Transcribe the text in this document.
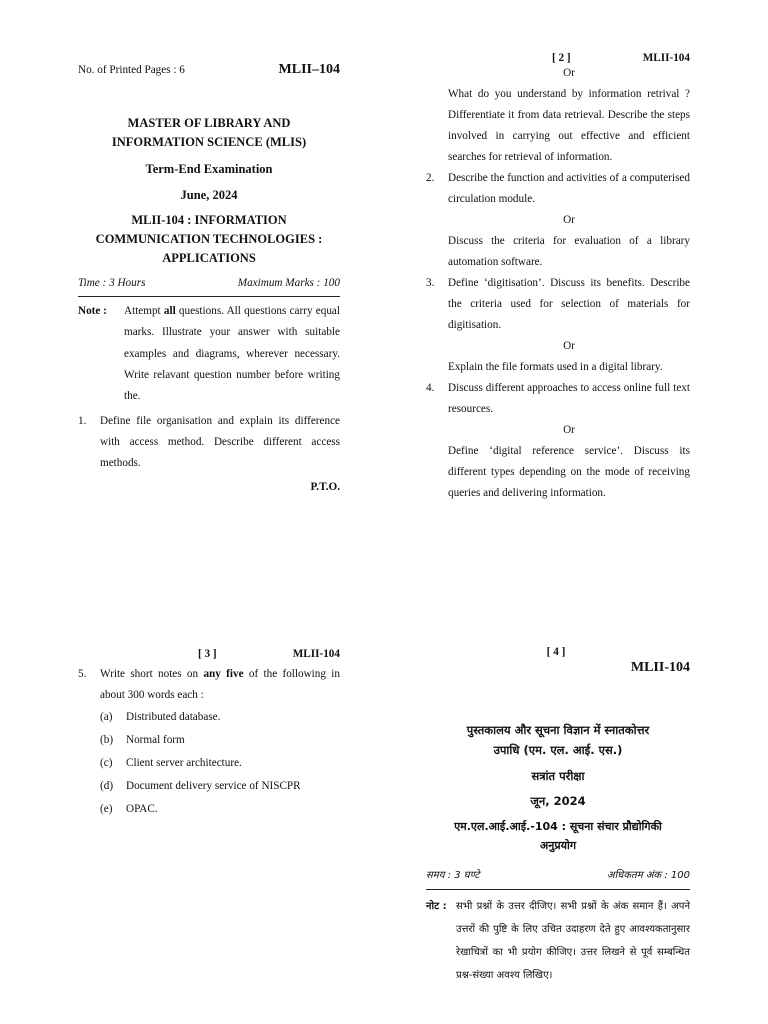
No. of Printed Pages : 6	MLII–104
MASTER OF LIBRARY AND
INFORMATION SCIENCE (MLIS)
Term-End Examination
June, 2024
MLII-104 : INFORMATION
COMMUNICATION TECHNOLOGIES :
APPLICATIONS
Time : 3 Hours	Maximum Marks : 100
Note :	Attempt all questions. All questions carry equal marks. Illustrate your answer with suitable examples and diagrams, wherever necessary. Write relavant question number before writing the.
1.	Define file organisation and explain its difference with access method. Describe different access methods.
P.T.O.
[ 2 ]	MLII-104
Or
What do you understand by information retrival ? Differentiate it from data retrieval. Describe the steps involved in carrying out effective and efficient searches for retrieval of information.
2.	Describe the function and activities of a computerised circulation module.
Or
Discuss the criteria for evaluation of a library automation software.
3.	Define ‘digitisation’. Discuss its benefits. Describe the criteria used for selection of materials for digitisation.
Or
Explain the file formats used in a digital library.
4.	Discuss different approaches to access online full text resources.
Or
Define ‘digital reference service’. Discuss its different types depending on the mode of receiving queries and delivering information.
[ 3 ]	MLII-104
5.	Write short notes on any five of the following in about 300 words each :
(a)	Distributed database.
(b)	Normal form
(c)	Client server architecture.
(d)	Document delivery service of NISCPR
(e)	OPAC.
[ 4 ]
MLII-104
पुस्तकालय और सूचना विज्ञान में स्नातकोत्तर
उपाधि (एम. एल. आई. एस.)
सत्रांत परीक्षा
जून, 2024
एम.एल.आई.आई.-104 : सूचना संचार प्रौद्योगिकी
अनुप्रयोग
समय : 3 घण्टे	अधिकतम अंक : 100
नोट : सभी प्रश्नों के उत्तर दीजिए। सभी प्रश्नों के अंक समान हैं। अपने उत्तरों की पुष्टि के लिए उचित उदाहरण देते हुए आवश्यकतानुसार रेखाचित्रों का भी प्रयोग कीजिए। उत्तर लिखने से पूर्व सम्बन्धित प्रश्न-संख्या अवश्य लिखिए।
